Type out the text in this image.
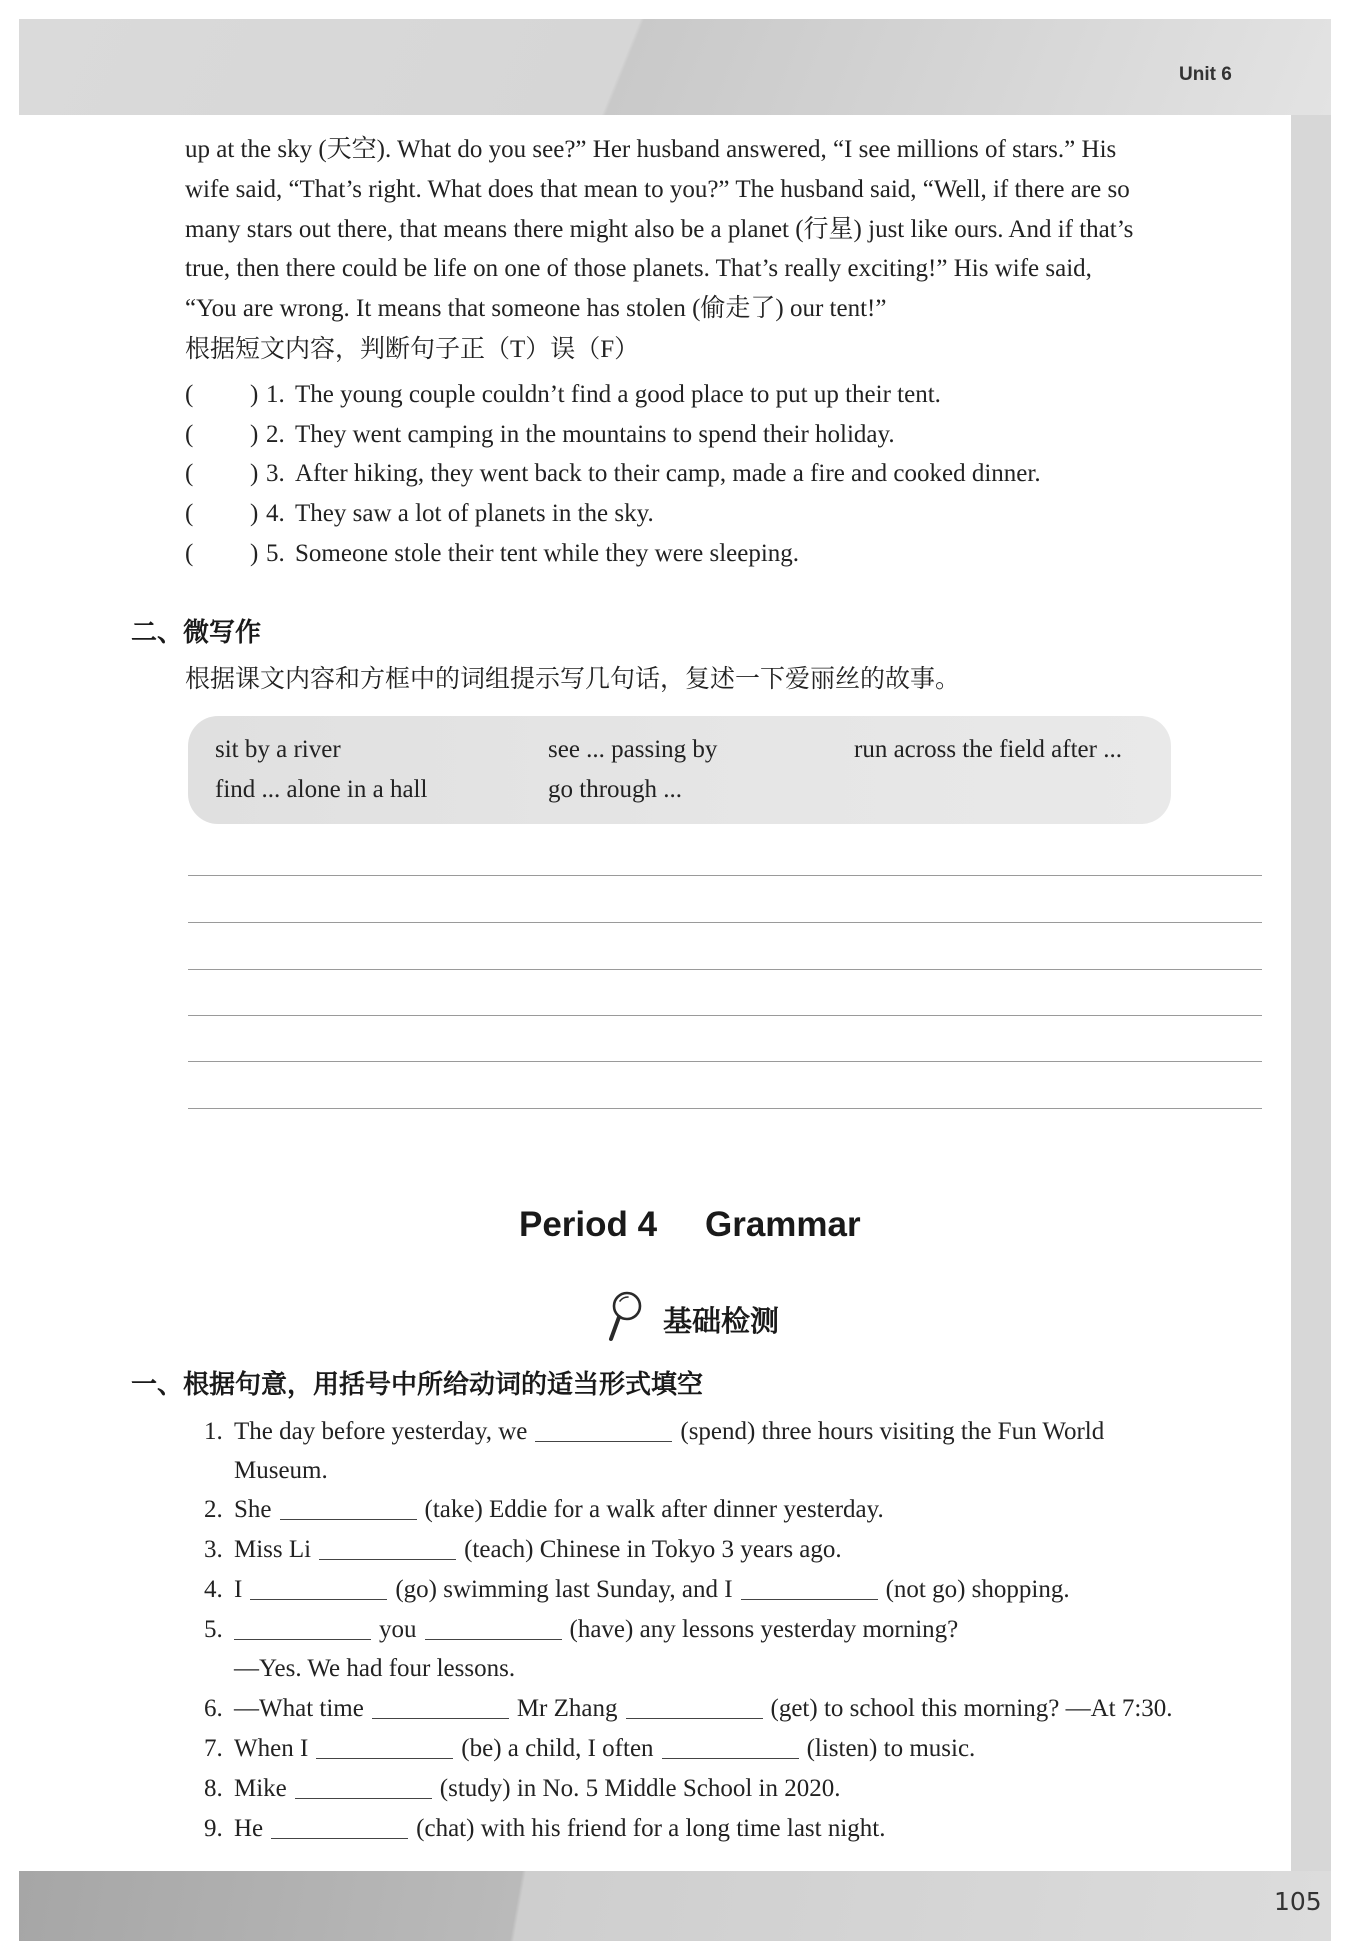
Unit 6
up at the sky (天空). What do you see?” Her husband answered, “I see millions of stars.” His
wife said, “That’s right. What does that mean to you?” The husband said, “Well, if there are so
many stars out there, that means there might also be a planet (行星) just like ours. And if that’s
true, then there could be life on one of those planets. That’s really exciting!” His wife said,
“You are wrong. It means that someone has stolen (偷走了) our tent!”
根据短文内容，判断句子正（T）误（F）
( ) 1. The young couple couldn’t find a good place to put up their tent.
( ) 2. They went camping in the mountains to spend their holiday.
( ) 3. After hiking, they went back to their camp, made a fire and cooked dinner.
( ) 4. They saw a lot of planets in the sky.
( ) 5. Someone stole their tent while they were sleeping.
二、微写作
根据课文内容和方框中的词组提示写几句话，复述一下爱丽丝的故事。
sit by a river	see ... passing by	run across the field after ...
find ... alone in a hall	go through ...
Period 4 Grammar
基础检测
一、根据句意，用括号中所给动词的适当形式填空
1. The day before yesterday, we	(spend) three hours visiting the Fun World
Museum.
2. She	(take) Eddie for a walk after dinner yesterday.
3. Miss Li	(teach) Chinese in Tokyo 3 years ago.
4. I	(go) swimming last Sunday, and I	(not go) shopping.
5.	you	(have) any lessons yesterday morning?
—Yes. We had four lessons.
6. —What time	Mr Zhang	(get) to school this morning? —At 7:30.
7. When I	(be) a child, I often	(listen) to music.
8. Mike	(study) in No. 5 Middle School in 2020.
9. He	(chat) with his friend for a long time last night.
105
